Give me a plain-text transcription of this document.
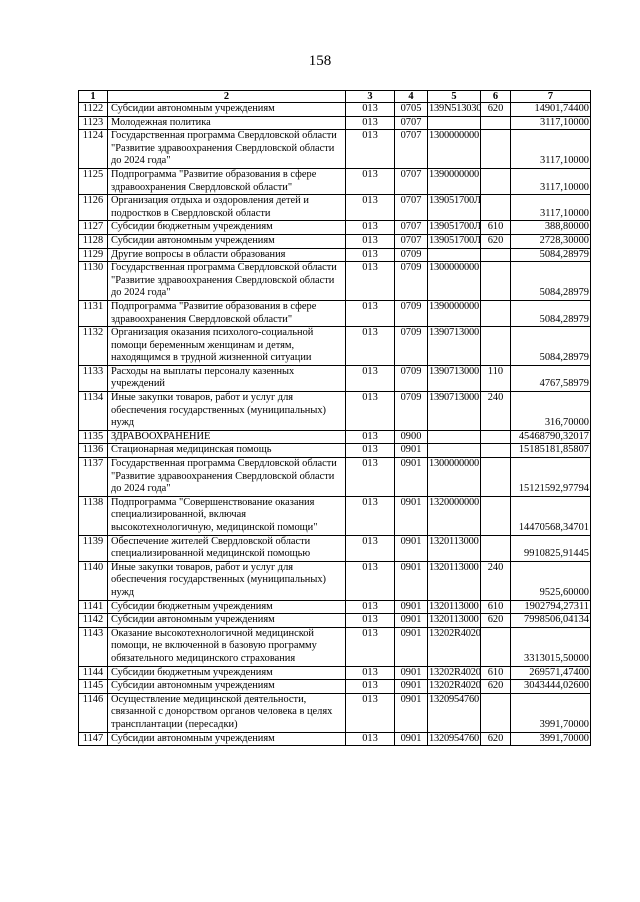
158
1	2	3	4	5	6	7
1122	Субсидии автономным учреждениям	013	0705	139N513030	620	14901,74400
1123	Молодежная политика	013	0707			3117,10000
1124	Государственная программа Свердловской области "Развитие здравоохранения Свердловской области до 2024 года"	013	0707	1300000000		3117,10000
1125	Подпрограмма "Развитие образования в сфере здравоохранения Свердловской области"	013	0707	1390000000		3117,10000
1126	Организация отдыха и оздоровления детей и подростков в Свердловской области	013	0707	139051700Л		3117,10000
1127	Субсидии бюджетным учреждениям	013	0707	139051700Л	610	388,80000
1128	Субсидии автономным учреждениям	013	0707	139051700Л	620	2728,30000
1129	Другие вопросы в области образования	013	0709			5084,28979
1130	Государственная программа Свердловской области "Развитие здравоохранения Свердловской области до 2024 года"	013	0709	1300000000		5084,28979
1131	Подпрограмма "Развитие образования в сфере здравоохранения Свердловской области"	013	0709	1390000000		5084,28979
1132	Организация оказания психолого-социальной помощи беременным женщинам и детям, находящимся в трудной жизненной ситуации	013	0709	1390713000		5084,28979
1133	Расходы на выплаты персоналу казенных учреждений	013	0709	1390713000	110	4767,58979
1134	Иные закупки товаров, работ и услуг для обеспечения государственных (муниципальных) нужд	013	0709	1390713000	240	316,70000
1135	ЗДРАВООХРАНЕНИЕ	013	0900			45468790,32017
1136	Стационарная медицинская помощь	013	0901			15185181,85807
1137	Государственная программа Свердловской области "Развитие здравоохранения Свердловской области до 2024 года"	013	0901	1300000000		15121592,97794
1138	Подпрограмма "Совершенствование оказания специализированной, включая высокотехнологичную, медицинской помощи"	013	0901	1320000000		14470568,34701
1139	Обеспечение жителей Свердловской области специализированной медицинской помощью	013	0901	1320113000		9910825,91445
1140	Иные закупки товаров, работ и услуг для обеспечения государственных (муниципальных) нужд	013	0901	1320113000	240	9525,60000
1141	Субсидии бюджетным учреждениям	013	0901	1320113000	610	1902794,27311
1142	Субсидии автономным учреждениям	013	0901	1320113000	620	7998506,04134
1143	Оказание высокотехнологичной медицинской помощи, не включенной в базовую программу обязательного медицинского страхования	013	0901	13202R4020		3313015,50000
1144	Субсидии бюджетным учреждениям	013	0901	13202R4020	610	269571,47400
1145	Субсидии автономным учреждениям	013	0901	13202R4020	620	3043444,02600
1146	Осуществление медицинской деятельности, связанной с донорством органов человека в целях трансплантации (пересадки)	013	0901	1320954760		3991,70000
1147	Субсидии автономным учреждениям	013	0901	1320954760	620	3991,70000
